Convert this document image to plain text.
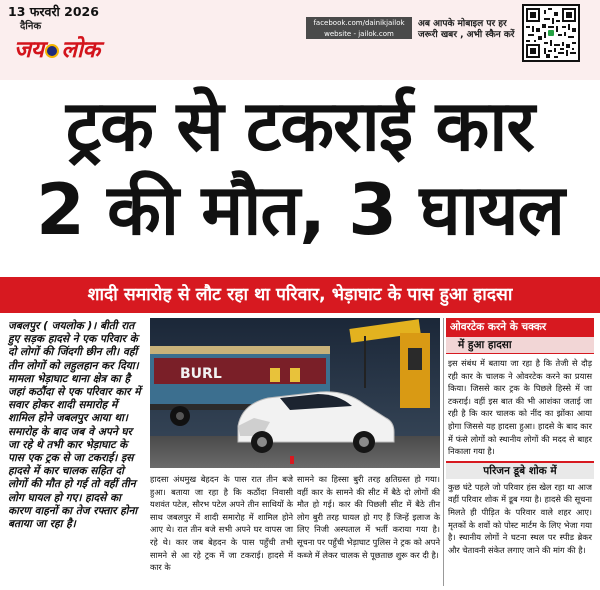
13 फरवरी 2026
दैनिक
जय लोक
facebook.com/dainikjailok
website - jailok.com
अब आपके मोबाइल पर हर
जरूरी खबर , अभी स्कैन करें
ट्रक से टकराई कार
2 की मौत, 3 घायल
शादी समारोह से लौट रहा था परिवार, भेड़ाघाट के पास हुआ हादसा
जबलपुर ( जयलोक )। बीती रात हुए सड़क हादसे ने एक परिवार के दो लोगों की जिंदगी छीन ली। वहीं तीन लोगों को लहुलहान कर दिया। मामला भेड़ाघाट थाना क्षेत्र का है जहां कठौंदा से एक परिवार कार में सवार होकर शादी समारोह में शामिल होने जबलपुर आया था। समारोह के बाद जब वे अपने घर जा रहे थे तभी कार भेड़ाघाट के पास एक ट्रक से जा टकराई। इस हादसे में कार चालक सहित दो लोगों की मौत हो गई तो वहीं तीन लोग घायल हो गए। हादसे का कारण वाहनों का तेज रफ्तार होना बताया जा रहा है।
BURL
हादसा अंधमुख बेहदन के पास रात तीन बजे हुआ। बताया जा रहा है कि कठौंदा निवासी यशवंत पटेल, सौरभ पटेल अपने तीन साथियों के साथ जबलपुर में शादी समारोह में शामिल होने आए थे। रात तीन बजे सभी अपने घर वापस जा रहे थे। कार जब बेहदन के पास पहुँची तभी सामने से आ रहे ट्रक में जा टकराई। हादसे में कार के
सामने का हिस्सा बुरी तरह क्षतिग्रस्त हो गया। वहीं कार के सामने की सीट में बैठे दो लोगों की मौत हो गई। कार की पिछली सीट में बैठे तीन लोग बुरी तरह घायल हो गए हैं जिन्हें इलाज के लिए निजी अस्पताल में भर्ती कराया गया है। सूचना पर पहुँची भेड़ाघाट पुलिस ने ट्रक को अपने कब्जे में लेकर चालक से पूछताछ शुरू कर दी है।
ओवरटेक करने के चक्कर
में हुआ हादसा
इस संबंध में बताया जा रहा है कि तेजी से दौड़ रही कार के चालक ने ओवरटेक करने का प्रयास किया। जिससे कार ट्रक के पिछले हिस्से में जा टकराई। वहीं इस बात की भी आशंका जताई जा रही है कि कार चालक को नींद का झोंका आया होगा जिससे यह हादसा हुआ। हादसे के बाद कार में फंसे लोगों को स्थानीय लोगों की मदद से बाहर निकाला गया है।
परिजन डूबे शोक में
कुछ घंटे पहले जो परिवार हंस खेल रहा था आज वहीं परिवार शोक में डूब गया है। हादसे की सूचना मिलते ही पीड़ित के परिवार वाले शहर आए। मृतकों के शवों को पोस्ट मार्टम के लिए भेजा गया है। स्थानीय लोगों ने घटना स्थल पर स्पीड ब्रेकर और चेतावनी संकेत लगाए जाने की मांग की है।
